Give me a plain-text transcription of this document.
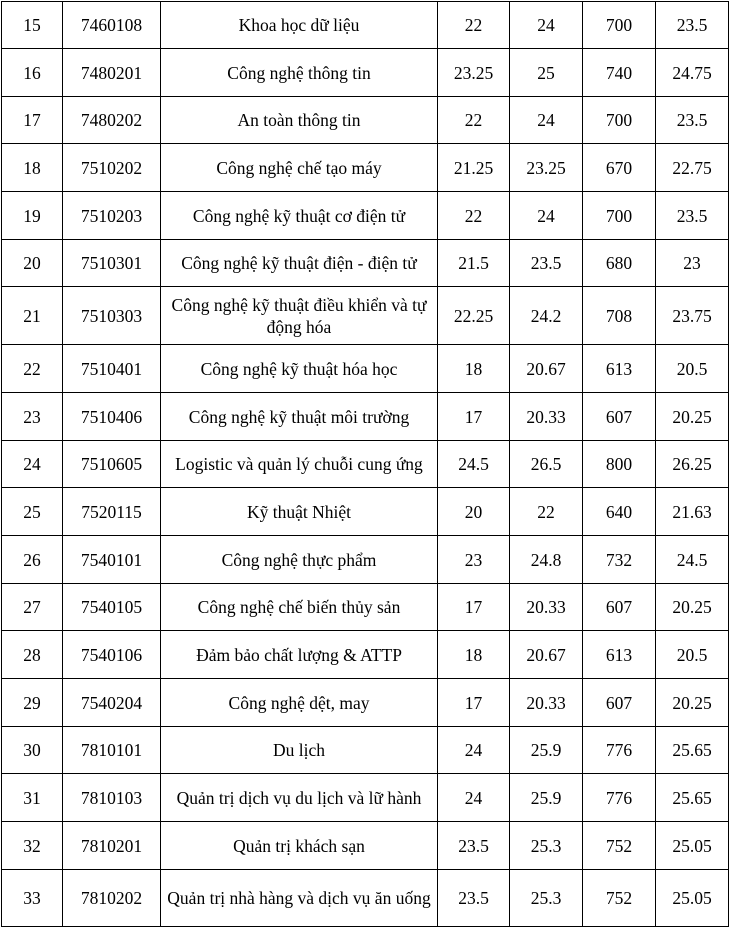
15	7460108	Khoa học dữ liệu	22	24	700	23.5
16	7480201	Công nghệ thông tin	23.25	25	740	24.75
17	7480202	An toàn thông tin	22	24	700	23.5
18	7510202	Công nghệ chế tạo máy	21.25	23.25	670	22.75
19	7510203	Công nghệ kỹ thuật cơ điện tử	22	24	700	23.5
20	7510301	Công nghệ kỹ thuật điện - điện tử	21.5	23.5	680	23
21	7510303	Công nghệ kỹ thuật điều khiển và tự động hóa	22.25	24.2	708	23.75
22	7510401	Công nghệ kỹ thuật hóa học	18	20.67	613	20.5
23	7510406	Công nghệ kỹ thuật môi trường	17	20.33	607	20.25
24	7510605	Logistic và quản lý chuỗi cung ứng	24.5	26.5	800	26.25
25	7520115	Kỹ thuật Nhiệt	20	22	640	21.63
26	7540101	Công nghệ thực phẩm	23	24.8	732	24.5
27	7540105	Công nghệ chế biến thủy sản	17	20.33	607	20.25
28	7540106	Đảm bảo chất lượng & ATTP	18	20.67	613	20.5
29	7540204	Công nghệ dệt, may	17	20.33	607	20.25
30	7810101	Du lịch	24	25.9	776	25.65
31	7810103	Quản trị dịch vụ du lịch và lữ hành	24	25.9	776	25.65
32	7810201	Quản trị khách sạn	23.5	25.3	752	25.05
33	7810202	Quản trị nhà hàng và dịch vụ ăn uống	23.5	25.3	752	25.05
